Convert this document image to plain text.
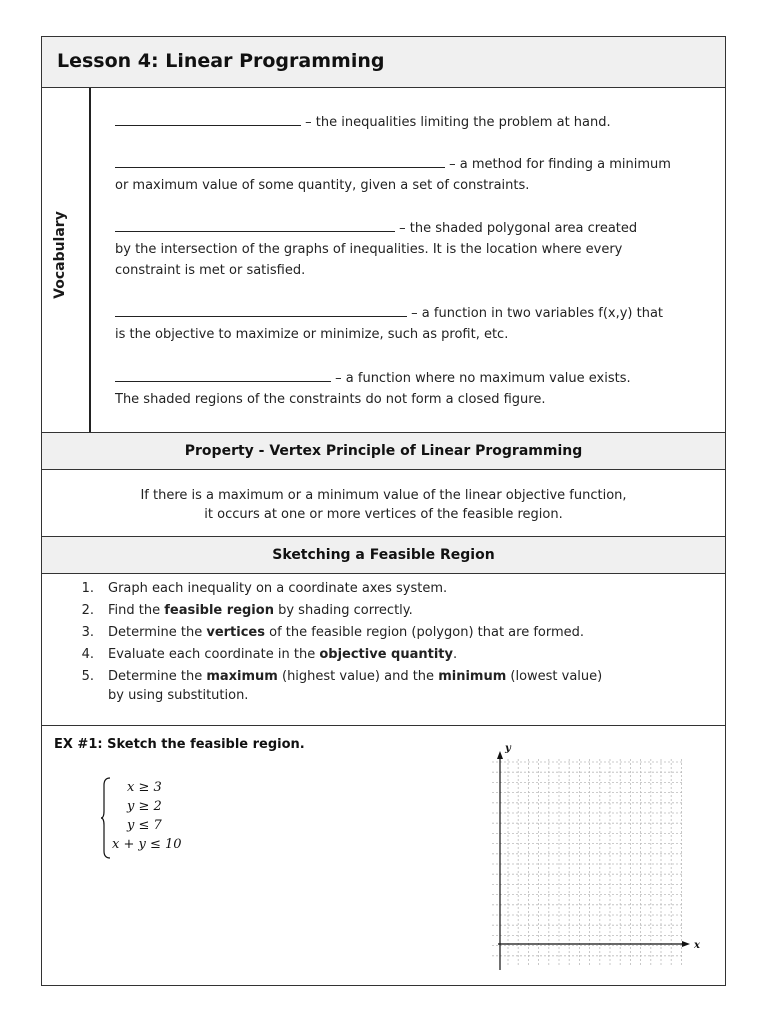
Lesson 4: Linear Programming
Vocabulary
– the inequalities limiting the problem at hand.
– a method for finding a minimum
or maximum value of some quantity, given a set of constraints.
– the shaded polygonal area created
by the intersection of the graphs of inequalities. It is the location where every
constraint is met or satisfied.
– a function in two variables f(x,y) that
is the objective to maximize or minimize, such as profit, etc.
– a function where no maximum value exists.
The shaded regions of the constraints do not form a closed figure.
Property - Vertex Principle of Linear Programming
If there is a maximum or a minimum value of the linear objective function,
it occurs at one or more vertices of the feasible region.
Sketching a Feasible Region
1. Graph each inequality on a coordinate axes system.
2. Find the feasible region by shading correctly.
3. Determine the vertices of the feasible region (polygon) that are formed.
4. Evaluate each coordinate in the objective quantity.
5. Determine the maximum (highest value) and the minimum (lowest value)
by using substitution.
EX #1: Sketch the feasible region.
x ≥ 3
y ≥ 2
y ≤ 7
x + y ≤ 10
x
y
